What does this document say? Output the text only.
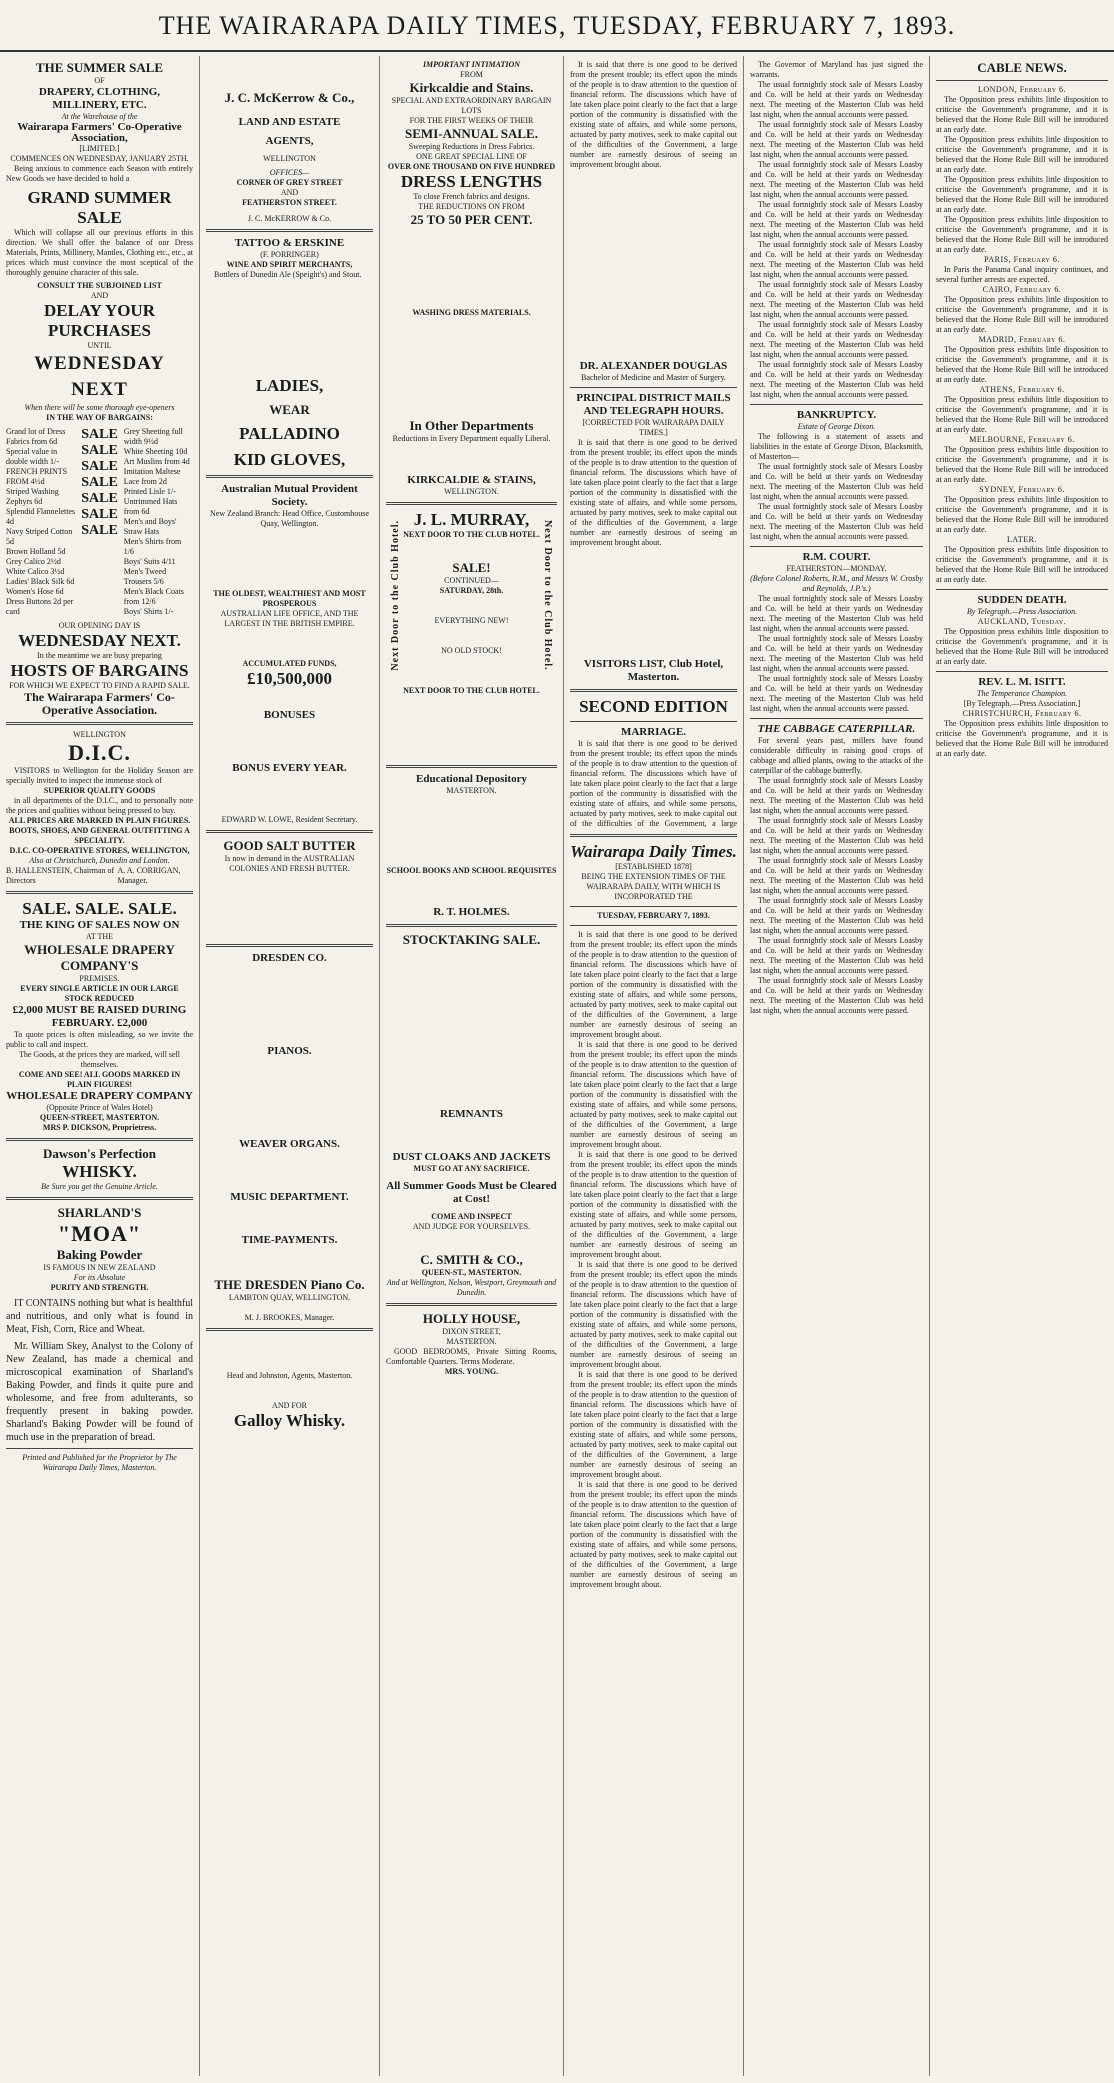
THE WAIRARAPA DAILY TIMES, TUESDAY, FEBRUARY 7, 1893.
THE SUMMER SALE
OF
DRAPERY, CLOTHING, MILLINERY, ETC.
At the Warehouse of the
Wairarapa Farmers' Co-Operative Association,
[LIMITED.]
COMMENCES ON WEDNESDAY, JANUARY 25TH.
Being anxious to commence each Season with entirely New Goods we have decided to hold a
GRAND SUMMER SALE
Which will collapse all our previous efforts in this direction. We shall offer the balance of our Dress Materials, Prints, Millinery, Mantles, Clothing etc., etc., at prices which must convince the most sceptical of the thoroughly genuine character of this sale.
CONSULT THE SUBJOINED LIST
AND
DELAY YOUR PURCHASES
UNTIL
WEDNESDAY NEXT
When there will be some thorough eye-openers
IN THE WAY OF BARGAINS:
Grand lot of Dress Fabrics from 6d
Special value in double width 1/-
FRENCH PRINTS FROM 4½d
Striped Washing Zephyrs 6d
Splendid Flannelettes 4d
Navy Striped Cotton 5d
Brown Holland 5d
Grey Calico 2½d
White Calico 3½d
Ladies' Black Silk 6d
Women's Hose 6d
Dress Buttons 2d per card
SALE
SALE
SALE
SALE
SALE
SALE
SALE
Grey Sheeting full width 9½d
White Sheeting 10d
Art Muslins from 4d
Imitation Maltese Lace from 2d
Printed Lisle 1/-
Untrimmed Hats from 6d
Men's and Boys' Straw Hats
Men's Shirts from 1/6
Boys' Suits 4/11
Men's Tweed Trousers 5/6
Men's Black Coats from 12/6
Boys' Shirts 1/-
OUR OPENING DAY IS
WEDNESDAY NEXT.
In the meantime we are busy preparing
HOSTS OF BARGAINS
FOR WHICH WE EXPECT TO FIND A RAPID SALE.
The Wairarapa Farmers' Co-Operative Association.
WELLINGTON
D.I.C.
VISITORS to Wellington for the Holiday Season are specially invited to inspect the immense stock of
SUPERIOR QUALITY GOODS
in all departments of the D.I.C., and to personally note the prices and qualities without being pressed to buy.
ALL PRICES ARE MARKED IN PLAIN FIGURES.
BOOTS, SHOES, AND GENERAL OUTFITTING A SPECIALITY.
D.I.C. CO-OPERATIVE STORES, WELLINGTON,
Also at Christchurch, Dunedin and London.
B. HALLENSTEIN, Chairman of Directors
A. A. CORRIGAN, Manager.
SALE. SALE. SALE.
THE KING OF SALES NOW ON
AT THE
WHOLESALE DRAPERY COMPANY'S
PREMISES.
EVERY SINGLE ARTICLE IN OUR LARGE STOCK REDUCED
£2,000 MUST BE RAISED DURING FEBRUARY. £2,000
To quote prices is often misleading, so we invite the public to call and inspect.
The Goods, at the prices they are marked, will sell themselves.
COME AND SEE! ALL GOODS MARKED IN PLAIN FIGURES!
WHOLESALE DRAPERY COMPANY
(Opposite Prince of Wales Hotel)
QUEEN-STREET, MASTERTON.
MRS P. DICKSON, Proprietress.
Dawson's Perfection
WHISKY.
Be Sure you get the Genuine Article.
SHARLAND'S
"MOA"
Baking Powder
IS FAMOUS IN NEW ZEALAND
For its Absolute
PURITY AND STRENGTH.
IT CONTAINS nothing but what is healthful and nutritious, and only what is found in Meat, Fish, Corn, Rice and Wheat.
Mr. William Skey, Analyst to the Colony of New Zealand, has made a chemical and microscopical examination of Sharland's Baking Powder, and finds it quite pure and wholesome, and free from adulterants, so frequently present in baking powder. Sharland's Baking Powder will be found of much use in the preparation of bread.
Printed and Published for the Proprietor by The Wairarapa Daily Times, Masterton.
J. C. McKerrow & Co.,
LAND AND ESTATE
AGENTS,
WELLINGTON
OFFICES—
CORNER OF GREY STREET
AND
FEATHERSTON STREET.
J. C. McKERROW & Co.
TATTOO & ERSKINE
(F. PORRINGER)
WINE AND SPIRIT MERCHANTS,
Bottlers of Dunedin Ale (Speight's) and Stout.
LADIES,
WEAR
PALLADINO
KID GLOVES,
Australian Mutual Provident Society.
New Zealand Branch: Head Office, Customhouse Quay, Wellington.
THE OLDEST, WEALTHIEST AND MOST PROSPEROUS
AUSTRALIAN LIFE OFFICE, AND THE LARGEST IN THE BRITISH EMPIRE.
ACCUMULATED FUNDS,
£10,500,000
BONUSES
BONUS EVERY YEAR.
EDWARD W. LOWE, Resident Secretary.
GOOD SALT BUTTER
Is now in demand in the AUSTRALIAN COLONIES AND FRESH BUTTER.
DRESDEN CO.
PIANOS.
WEAVER ORGANS.
MUSIC DEPARTMENT.
TIME-PAYMENTS.
THE DRESDEN Piano Co.
LAMBTON QUAY, WELLINGTON.
M. J. BROOKES, Manager.
Head and Johnston, Agents, Masterton.
AND FOR
Galloy Whisky.
IMPORTANT INTIMATION
FROM
Kirkcaldie and Stains.
SPECIAL AND EXTRAORDINARY BARGAIN LOTS
FOR THE FIRST WEEKS OF THEIR
SEMI-ANNUAL SALE.
Sweeping Reductions in Dress Fabrics.
ONE GREAT SPECIAL LINE OF
OVER ONE THOUSAND ON FIVE HUNDRED
DRESS LENGTHS
To close French fabrics and designs.
THE REDUCTIONS ON FROM
25 TO 50 PER CENT.
WASHING DRESS MATERIALS.
In Other Departments
Reductions in Every Department equally Liberal.
KIRKCALDIE & STAINS,
WELLINGTON.
Next Door to the Club Hotel.	Next Door to the Club Hotel.
J. L. MURRAY,
NEXT DOOR TO THE CLUB HOTEL.
SALE!
CONTINUED—
SATURDAY, 28th.
EVERYTHING NEW!
NO OLD STOCK!
NEXT DOOR TO THE CLUB HOTEL.
Educational Depository
MASTERTON.
SCHOOL BOOKS AND SCHOOL REQUISITES
R. T. HOLMES.
STOCKTAKING SALE.
REMNANTS
DUST CLOAKS AND JACKETS
MUST GO AT ANY SACRIFICE.
All Summer Goods Must be Cleared at Cost!
COME AND INSPECT
AND JUDGE FOR YOURSELVES.
C. SMITH & CO.,
QUEEN-ST., MASTERTON.
And at Wellington, Nelson, Westport, Greymouth and Dunedin.
HOLLY HOUSE,
DIXON STREET,
MASTERTON.
GOOD BEDROOMS, Private Sitting Rooms, Comfortable Quarters. Terms Moderate.
MRS. YOUNG.
It is said that there is one good to be derived from the present trouble; its effect upon the minds of the people is to draw attention to the question of financial reform. The discussions which have of late taken place point clearly to the fact that a large portion of the community is dissatisfied with the existing state of affairs, and while some persons, actuated by party motives, seek to make capital out of the difficulties of the Government, a large number are earnestly desirous of seeing an improvement brought about.
DR. ALEXANDER DOUGLAS
Bachelor of Medicine and Master of Surgery.
PRINCIPAL DISTRICT MAILS
AND TELEGRAPH HOURS.
[CORRECTED FOR WAIRARAPA DAILY TIMES.]
It is said that there is one good to be derived from the present trouble; its effect upon the minds of the people is to draw attention to the question of financial reform. The discussions which have of late taken place point clearly to the fact that a large portion of the community is dissatisfied with the existing state of affairs, and while some persons, actuated by party motives, seek to make capital out of the difficulties of the Government, a large number are earnestly desirous of seeing an improvement brought about.
VISITORS LIST, Club Hotel, Masterton.
SECOND EDITION
MARRIAGE.
It is said that there is one good to be derived from the present trouble; its effect upon the minds of the people is to draw attention to the question of financial reform. The discussions which have of late taken place point clearly to the fact that a large portion of the community is dissatisfied with the existing state of affairs, and while some persons, actuated by party motives, seek to make capital out of the difficulties of the Government, a large
Wairarapa Daily Times.
[ESTABLISHED 1878]
BEING THE EXTENSION TIMES OF THE WAIRARAPA DAILY, WITH WHICH IS INCORPORATED THE
TUESDAY, FEBRUARY 7, 1893.
It is said that there is one good to be derived from the present trouble; its effect upon the minds of the people is to draw attention to the question of financial reform. The discussions which have of late taken place point clearly to the fact that a large portion of the community is dissatisfied with the existing state of affairs, and while some persons, actuated by party motives, seek to make capital out of the difficulties of the Government, a large number are earnestly desirous of seeing an improvement brought about.
It is said that there is one good to be derived from the present trouble; its effect upon the minds of the people is to draw attention to the question of financial reform. The discussions which have of late taken place point clearly to the fact that a large portion of the community is dissatisfied with the existing state of affairs, and while some persons, actuated by party motives, seek to make capital out of the difficulties of the Government, a large number are earnestly desirous of seeing an improvement brought about.
It is said that there is one good to be derived from the present trouble; its effect upon the minds of the people is to draw attention to the question of financial reform. The discussions which have of late taken place point clearly to the fact that a large portion of the community is dissatisfied with the existing state of affairs, and while some persons, actuated by party motives, seek to make capital out of the difficulties of the Government, a large number are earnestly desirous of seeing an improvement brought about.
It is said that there is one good to be derived from the present trouble; its effect upon the minds of the people is to draw attention to the question of financial reform. The discussions which have of late taken place point clearly to the fact that a large portion of the community is dissatisfied with the existing state of affairs, and while some persons, actuated by party motives, seek to make capital out of the difficulties of the Government, a large number are earnestly desirous of seeing an improvement brought about.
It is said that there is one good to be derived from the present trouble; its effect upon the minds of the people is to draw attention to the question of financial reform. The discussions which have of late taken place point clearly to the fact that a large portion of the community is dissatisfied with the existing state of affairs, and while some persons, actuated by party motives, seek to make capital out of the difficulties of the Government, a large number are earnestly desirous of seeing an improvement brought about.
It is said that there is one good to be derived from the present trouble; its effect upon the minds of the people is to draw attention to the question of financial reform. The discussions which have of late taken place point clearly to the fact that a large portion of the community is dissatisfied with the existing state of affairs, and while some persons, actuated by party motives, seek to make capital out of the difficulties of the Government, a large number are earnestly desirous of seeing an improvement brought about.
The Governor of Maryland has just signed the warrants.
The usual fortnightly stock sale of Messrs Loasby and Co. will be held at their yards on Wednesday next. The meeting of the Masterton Club was held last night, when the annual accounts were passed.
The usual fortnightly stock sale of Messrs Loasby and Co. will be held at their yards on Wednesday next. The meeting of the Masterton Club was held last night, when the annual accounts were passed.
The usual fortnightly stock sale of Messrs Loasby and Co. will be held at their yards on Wednesday next. The meeting of the Masterton Club was held last night, when the annual accounts were passed.
The usual fortnightly stock sale of Messrs Loasby and Co. will be held at their yards on Wednesday next. The meeting of the Masterton Club was held last night, when the annual accounts were passed.
The usual fortnightly stock sale of Messrs Loasby and Co. will be held at their yards on Wednesday next. The meeting of the Masterton Club was held last night, when the annual accounts were passed.
The usual fortnightly stock sale of Messrs Loasby and Co. will be held at their yards on Wednesday next. The meeting of the Masterton Club was held last night, when the annual accounts were passed.
The usual fortnightly stock sale of Messrs Loasby and Co. will be held at their yards on Wednesday next. The meeting of the Masterton Club was held last night, when the annual accounts were passed.
The usual fortnightly stock sale of Messrs Loasby and Co. will be held at their yards on Wednesday next. The meeting of the Masterton Club was held last night, when the annual accounts were passed.
BANKRUPTCY.
Estate of George Dixon.
The following is a statement of assets and liabilities in the estate of George Dixon, Blacksmith, of Masterton—
The usual fortnightly stock sale of Messrs Loasby and Co. will be held at their yards on Wednesday next. The meeting of the Masterton Club was held last night, when the annual accounts were passed.
The usual fortnightly stock sale of Messrs Loasby and Co. will be held at their yards on Wednesday next. The meeting of the Masterton Club was held last night, when the annual accounts were passed.
R.M. COURT.
FEATHERSTON—MONDAY.
(Before Colonel Roberts, R.M., and Messrs W. Crosby and Reynolds, J.P.'s.)
The usual fortnightly stock sale of Messrs Loasby and Co. will be held at their yards on Wednesday next. The meeting of the Masterton Club was held last night, when the annual accounts were passed.
The usual fortnightly stock sale of Messrs Loasby and Co. will be held at their yards on Wednesday next. The meeting of the Masterton Club was held last night, when the annual accounts were passed.
The usual fortnightly stock sale of Messrs Loasby and Co. will be held at their yards on Wednesday next. The meeting of the Masterton Club was held last night, when the annual accounts were passed.
THE CABBAGE CATERPILLAR.
For several years past, millers have found considerable difficulty in raising good crops of cabbage and allied plants, owing to the attacks of the caterpillar of the cabbage butterfly.
The usual fortnightly stock sale of Messrs Loasby and Co. will be held at their yards on Wednesday next. The meeting of the Masterton Club was held last night, when the annual accounts were passed.
The usual fortnightly stock sale of Messrs Loasby and Co. will be held at their yards on Wednesday next. The meeting of the Masterton Club was held last night, when the annual accounts were passed.
The usual fortnightly stock sale of Messrs Loasby and Co. will be held at their yards on Wednesday next. The meeting of the Masterton Club was held last night, when the annual accounts were passed.
The usual fortnightly stock sale of Messrs Loasby and Co. will be held at their yards on Wednesday next. The meeting of the Masterton Club was held last night, when the annual accounts were passed.
The usual fortnightly stock sale of Messrs Loasby and Co. will be held at their yards on Wednesday next. The meeting of the Masterton Club was held last night, when the annual accounts were passed.
The usual fortnightly stock sale of Messrs Loasby and Co. will be held at their yards on Wednesday next. The meeting of the Masterton Club was held last night, when the annual accounts were passed.
CABLE NEWS.
LONDON, February 6.
The Opposition press exhibits little disposition to criticise the Government's programme, and it is believed that the Home Rule Bill will be introduced at an early date.
The Opposition press exhibits little disposition to criticise the Government's programme, and it is believed that the Home Rule Bill will be introduced at an early date.
The Opposition press exhibits little disposition to criticise the Government's programme, and it is believed that the Home Rule Bill will be introduced at an early date.
The Opposition press exhibits little disposition to criticise the Government's programme, and it is believed that the Home Rule Bill will be introduced at an early date.
PARIS, February 6.
In Paris the Panama Canal inquiry continues, and several further arrests are expected.
CAIRO, February 6.
The Opposition press exhibits little disposition to criticise the Government's programme, and it is believed that the Home Rule Bill will be introduced at an early date.
MADRID, February 6.
The Opposition press exhibits little disposition to criticise the Government's programme, and it is believed that the Home Rule Bill will be introduced at an early date.
ATHENS, February 6.
The Opposition press exhibits little disposition to criticise the Government's programme, and it is believed that the Home Rule Bill will be introduced at an early date.
MELBOURNE, February 6.
The Opposition press exhibits little disposition to criticise the Government's programme, and it is believed that the Home Rule Bill will be introduced at an early date.
SYDNEY, February 6.
The Opposition press exhibits little disposition to criticise the Government's programme, and it is believed that the Home Rule Bill will be introduced at an early date.
LATER.
The Opposition press exhibits little disposition to criticise the Government's programme, and it is believed that the Home Rule Bill will be introduced at an early date.
SUDDEN DEATH.
By Telegraph.—Press Association.
AUCKLAND, Tuesday.
The Opposition press exhibits little disposition to criticise the Government's programme, and it is believed that the Home Rule Bill will be introduced at an early date.
REV. L. M. ISITT.
The Temperance Champion.
[By Telegraph.—Press Association.]
CHRISTCHURCH, February 6.
The Opposition press exhibits little disposition to criticise the Government's programme, and it is believed that the Home Rule Bill will be introduced at an early date.
